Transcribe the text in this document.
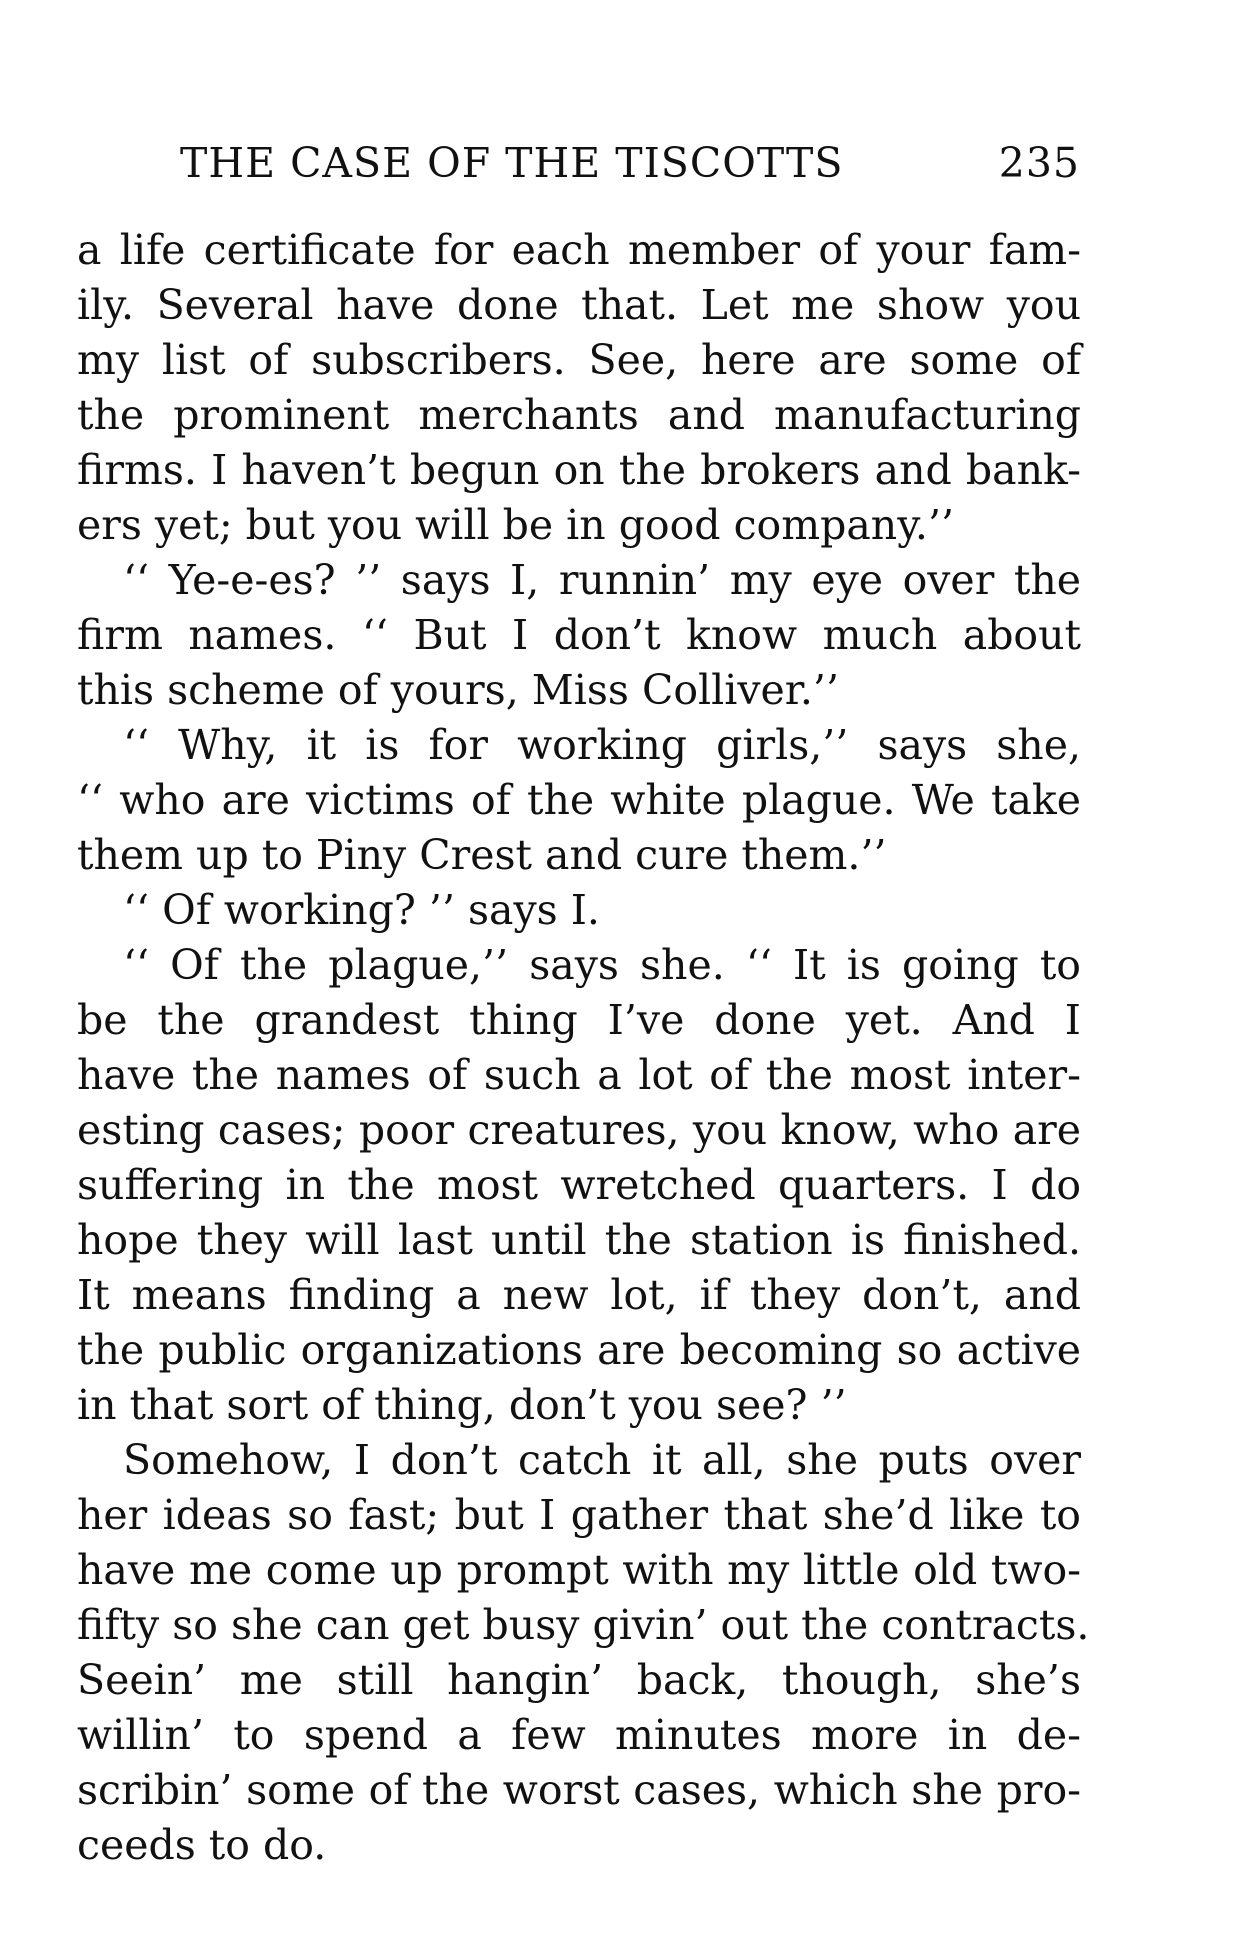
THE CASE OF THE TISCOTTS	235
a life certificate for each member of your fam-
ily. Several have done that. Let me show you
my list of subscribers. See, here are some of
the prominent merchants and manufacturing
firms. I haven’t begun on the brokers and bank-
ers yet; but you will be in good company.’’
‘‘ Ye-e-es? ’’ says I, runnin’ my eye over the
firm names. ‘‘ But I don’t know much about
this scheme of yours, Miss Colliver.’’
‘‘ Why, it is for working girls,’’ says she,
‘‘ who are victims of the white plague. We take
them up to Piny Crest and cure them.’’
‘‘ Of working? ’’ says I.
‘‘ Of the plague,’’ says she. ‘‘ It is going to
be the grandest thing I’ve done yet. And I
have the names of such a lot of the most inter-
esting cases; poor creatures, you know, who are
suffering in the most wretched quarters. I do
hope they will last until the station is finished.
It means finding a new lot, if they don’t, and
the public organizations are becoming so active
in that sort of thing, don’t you see? ’’
Somehow, I don’t catch it all, she puts over
her ideas so fast; but I gather that she’d like to
have me come up prompt with my little old two-
fifty so she can get busy givin’ out the contracts.
Seein’ me still hangin’ back, though, she’s
willin’ to spend a few minutes more in de-
scribin’ some of the worst cases, which she pro-
ceeds to do.
